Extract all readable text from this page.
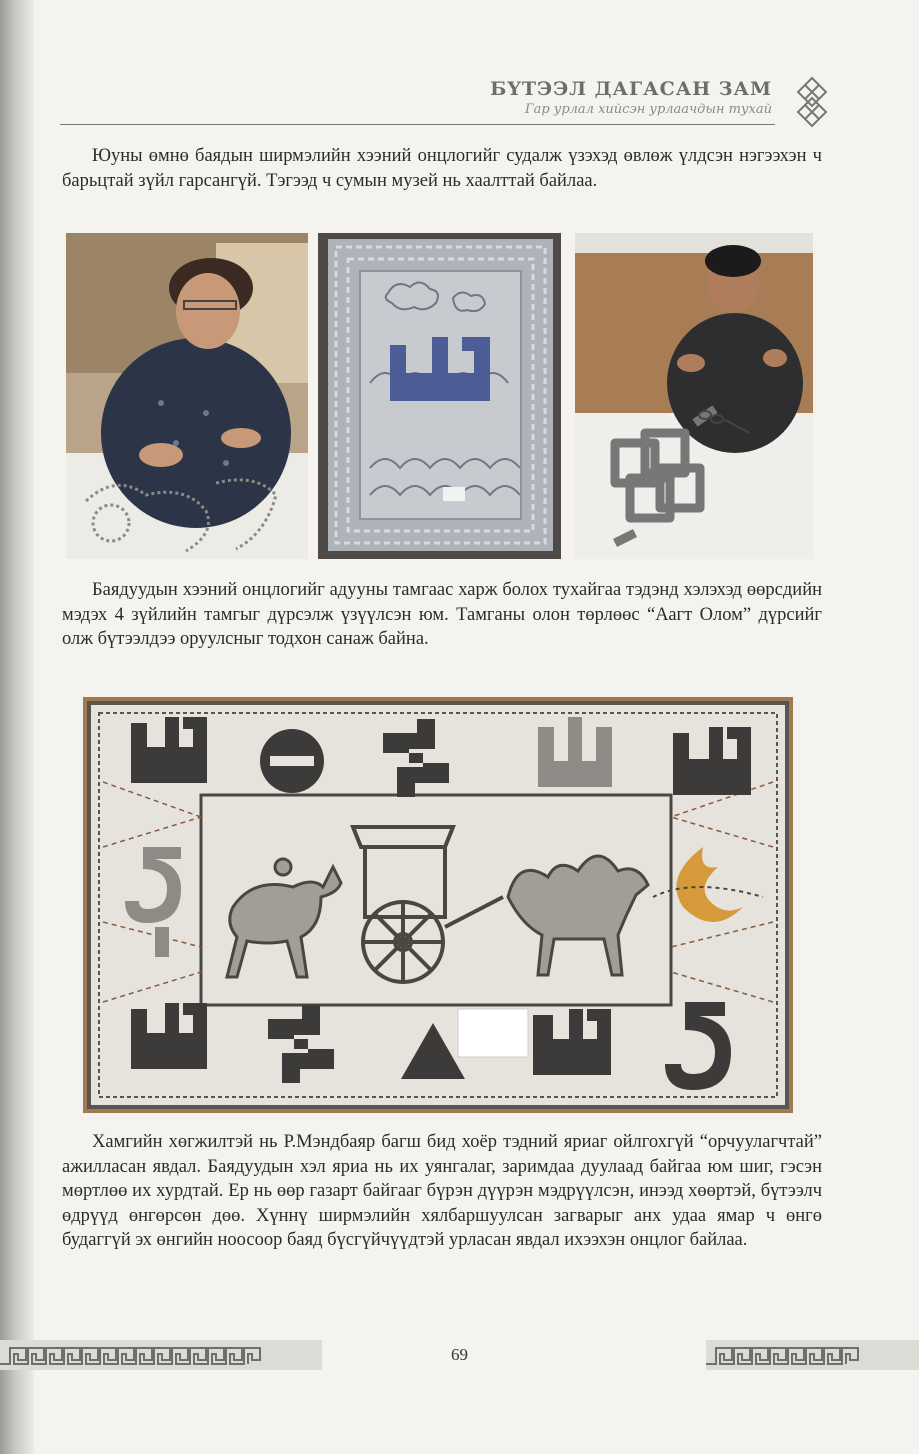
БҮТЭЭЛ ДАГАСАН ЗАМ
Гар урлал хийсэн урлаачдын тухай

Юуны өмнө баядын ширмэлийн хээний онцлогийг судалж үзэхэд өвлөж үлдсэн нэгээхэн ч барьцтай зүйл гарсангүй. Тэгээд ч сумын музей нь хаалттай байлаа.

Баядуудын хээний онцлогийг адууны тамгаас харж болох тухайгаа тэдэнд хэлэхэд өөрсдийн мэдэх 4 зүйлийн тамгыг дүрсэлж үзүүлсэн юм. Тамганы олон төрлөөс “Аагт Олом” дүрсийг олж бүтээлдээ оруулсныг тодхон санаж байна.

Хамгийн хөгжилтэй нь Р.Мэндбаяр багш бид хоёр тэдний яриаг ойлгохгүй “орчуулагчтай” ажилласан явдал. Баядуудын хэл яриа нь их уянгалаг, заримдаа дуулаад байгаа юм шиг, гэсэн мөртлөө их хурдтай. Ер нь өөр газарт байгааг бүрэн дүүрэн мэдрүүлсэн, инээд хөөртэй, бүтээлч өдрүүд өнгөрсөн дөө. Хүннү ширмэлийн хялбаршуулсан загварыг анх удаа ямар ч өнгө будаггүй эх өнгийн ноосоор баяд бүсгүйчүүдтэй урласан явдал ихээхэн онцлог байлаа.

69
